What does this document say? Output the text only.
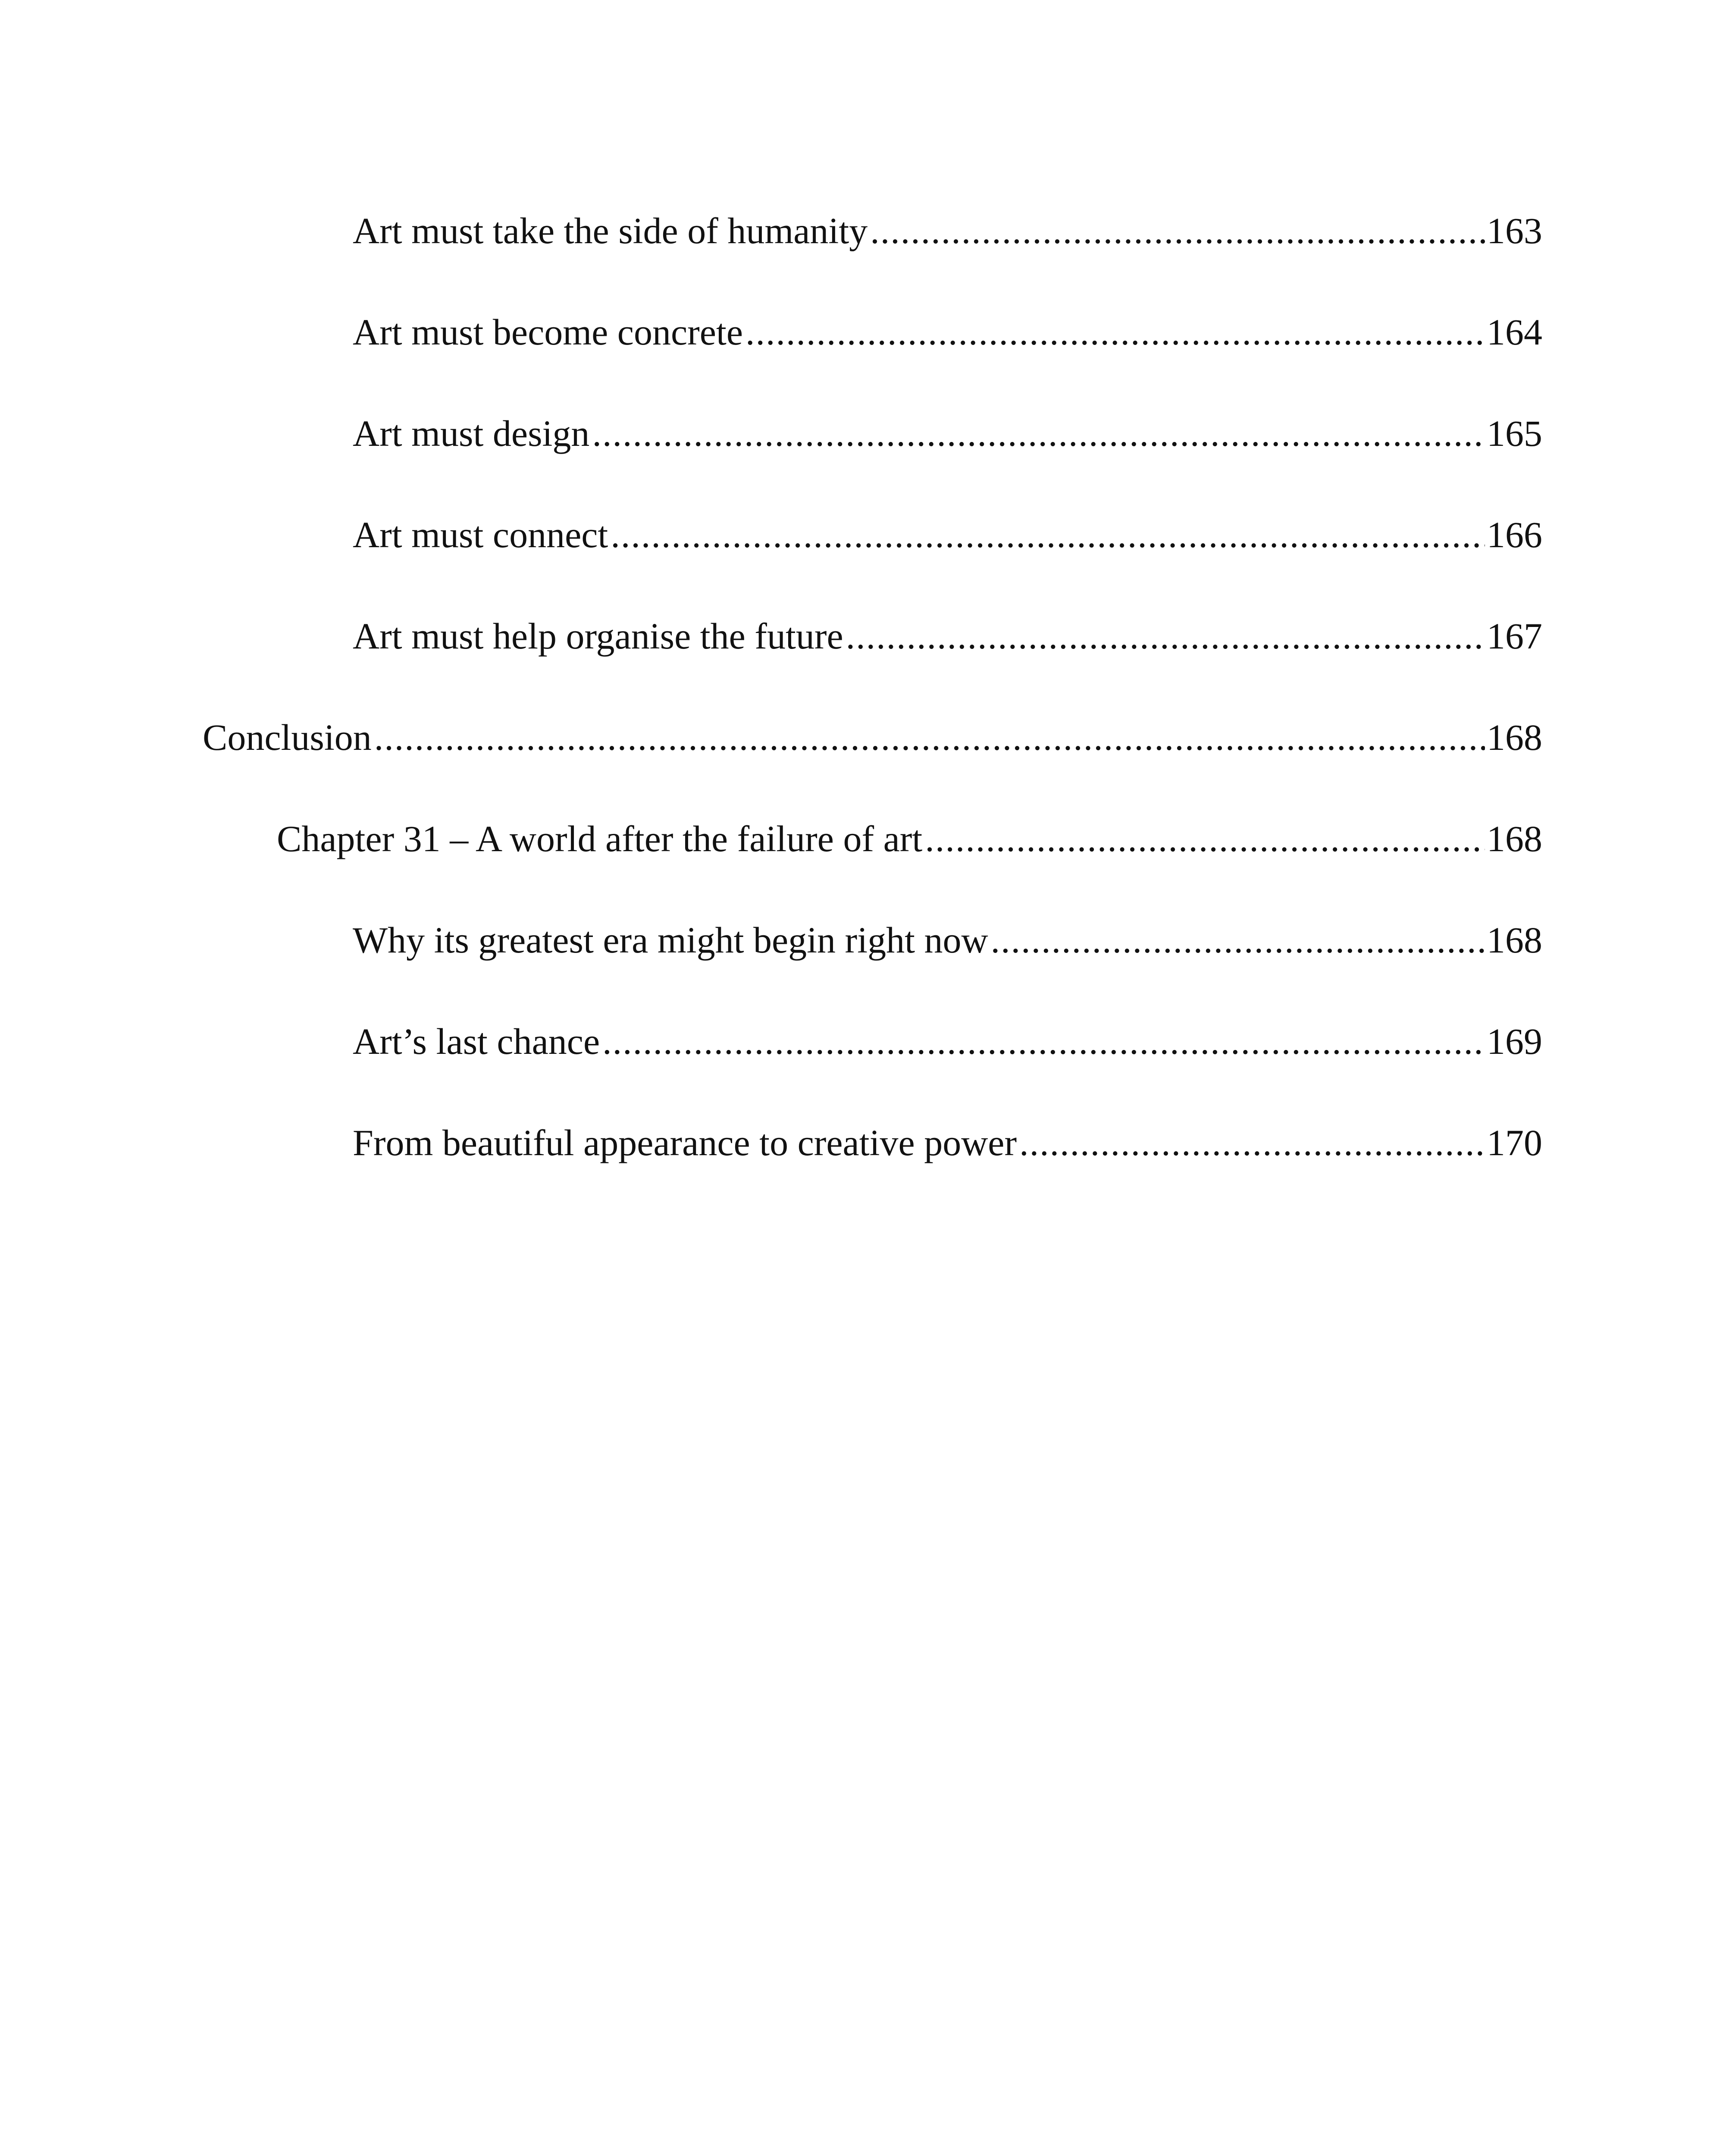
Art must take the side of humanity .....	163
Art must become concrete .....	164
Art must design .....	165
Art must connect .....	166
Art must help organise the future .....	167
Conclusion .....	168
Chapter 31 – A world after the failure of art .....	168
Why its greatest era might begin right now .....	168
Art’s last chance .....	169
From beautiful appearance to creative power .....	170
